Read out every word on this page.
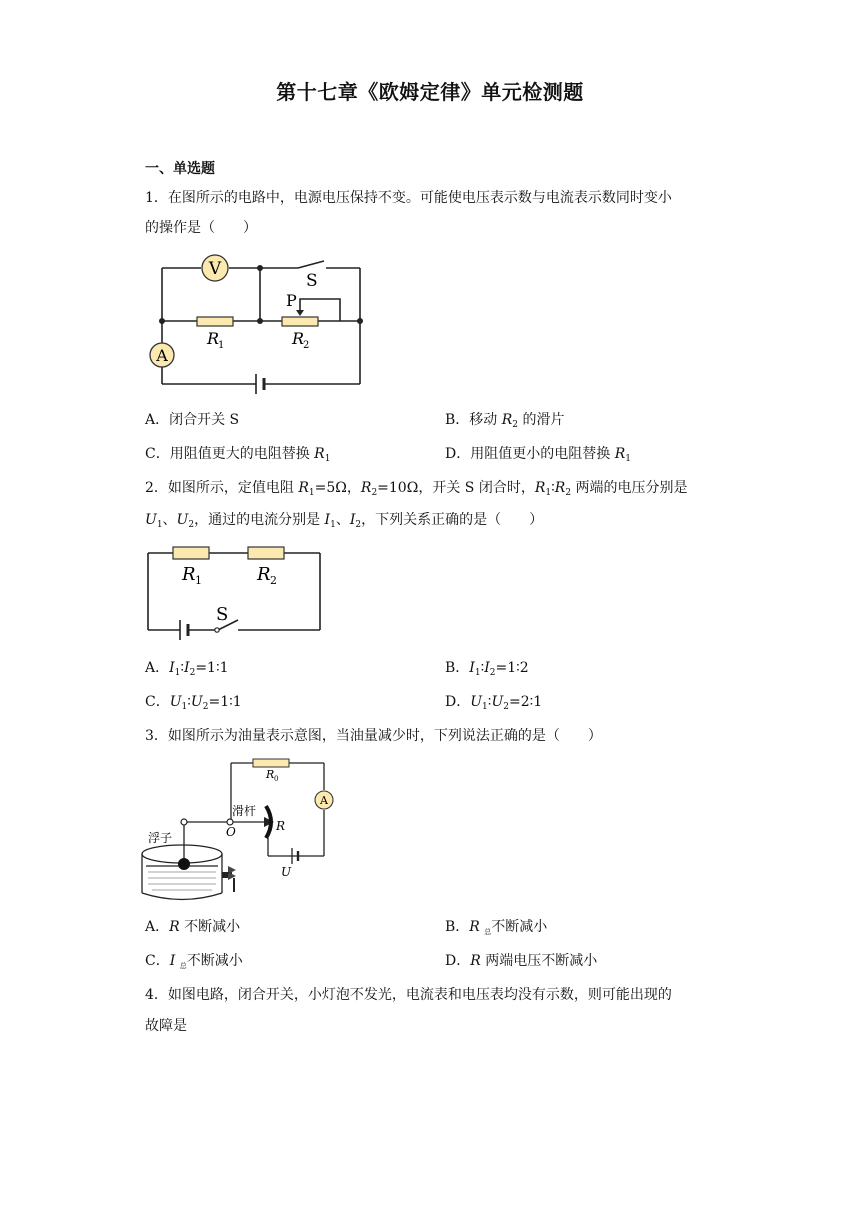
第十七章《欧姆定律》单元检测题
一、单选题
1．在图所示的电路中，电源电压保持不变。可能使电压表示数与电流表示数同时变小
的操作是（　　）
V
A
S
P
R
1	R
2
A．闭合开关 S	B．移动 $R_2$ 的滑片
C．用阻值更大的电阻替换 $R_1$	D．用阻值更小的电阻替换 $R_1$
2．如图所示，定值电阻 $R_1=5\Omega$，$R_2=10\Omega$，开关 S 闭合时，$R_1∶R_2$ 两端的电压分别是
$U_1$、$U_2$，通过的电流分别是 $I_1$、$I_2$，下列关系正确的是（　　）
R 1	R 2
S
A．$I_1∶I_2=1∶1$	B．$I_1∶I_2=1∶2$
C．$U_1∶U_2=1∶1$	D．$U_1∶U_2=2∶1$
3．如图所示为油量表示意图，当油量减少时，下列说法正确的是（　　）
R 0
A
滑杆
浮子	O	R
U
A．R 不断减小	B．R $_总$不断减小
C．I $_总$不断减小	D．R 两端电压不断减小
4．如图电路，闭合开关，小灯泡不发光，电流表和电压表均没有示数，则可能出现的
故障是
